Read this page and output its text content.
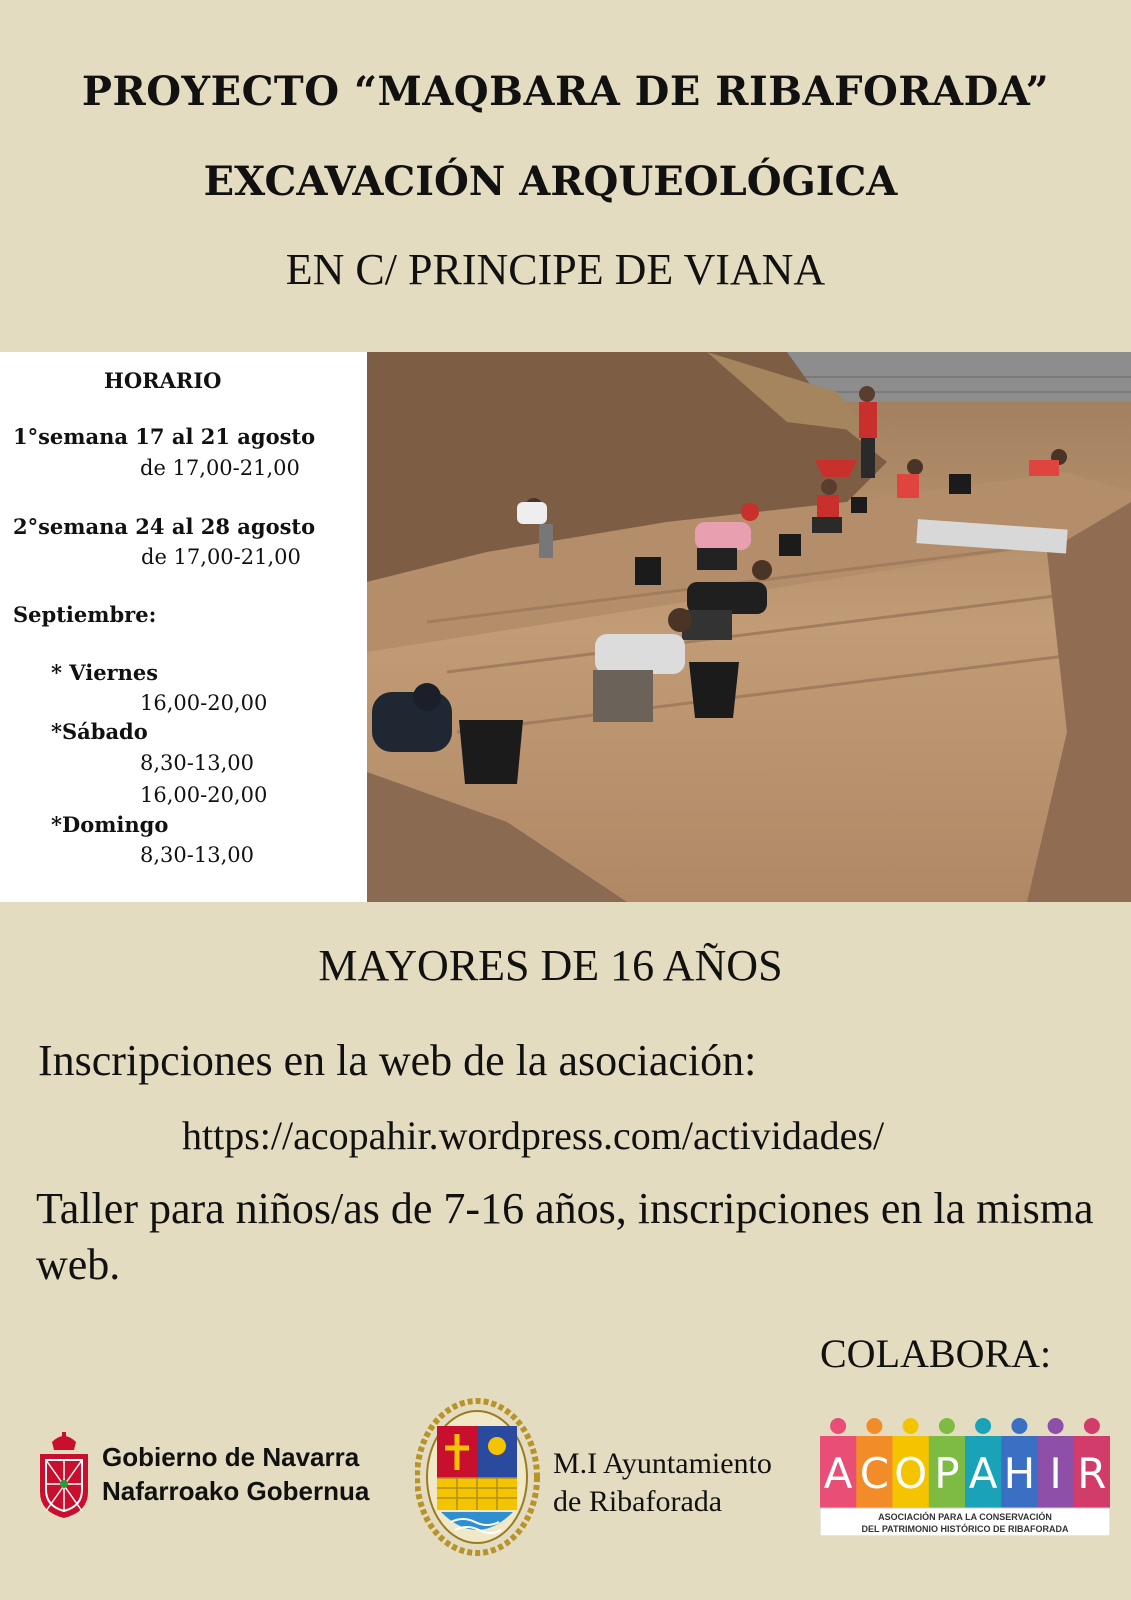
PROYECTO “MAQBARA DE RIBAFORADA”
EXCAVACIÓN ARQUEOLÓGICA
EN C/ PRINCIPE DE VIANA
HORARIO
1°semana 17 al 21 agosto
de 17,00-21,00
2°semana 24 al 28 agosto
de 17,00-21,00
Septiembre:
* Viernes
16,00-20,00
*Sábado
8,30-13,00
16,00-20,00
*Domingo
8,30-13,00
MAYORES DE 16 AÑOS
Inscripciones en la web de la asociación:
https://acopahir.wordpress.com/actividades/
Taller para niños/as de 7-16 años, inscripciones en la misma web.
COLABORA:
Gobierno de Navarra
Nafarroako Gobernua
M.I Ayuntamiento
de Ribaforada
A C O P A H I R
ASOCIACIÓN PARA LA CONSERVACIÓN
DEL PATRIMONIO HISTÓRICO DE RIBAFORADA
